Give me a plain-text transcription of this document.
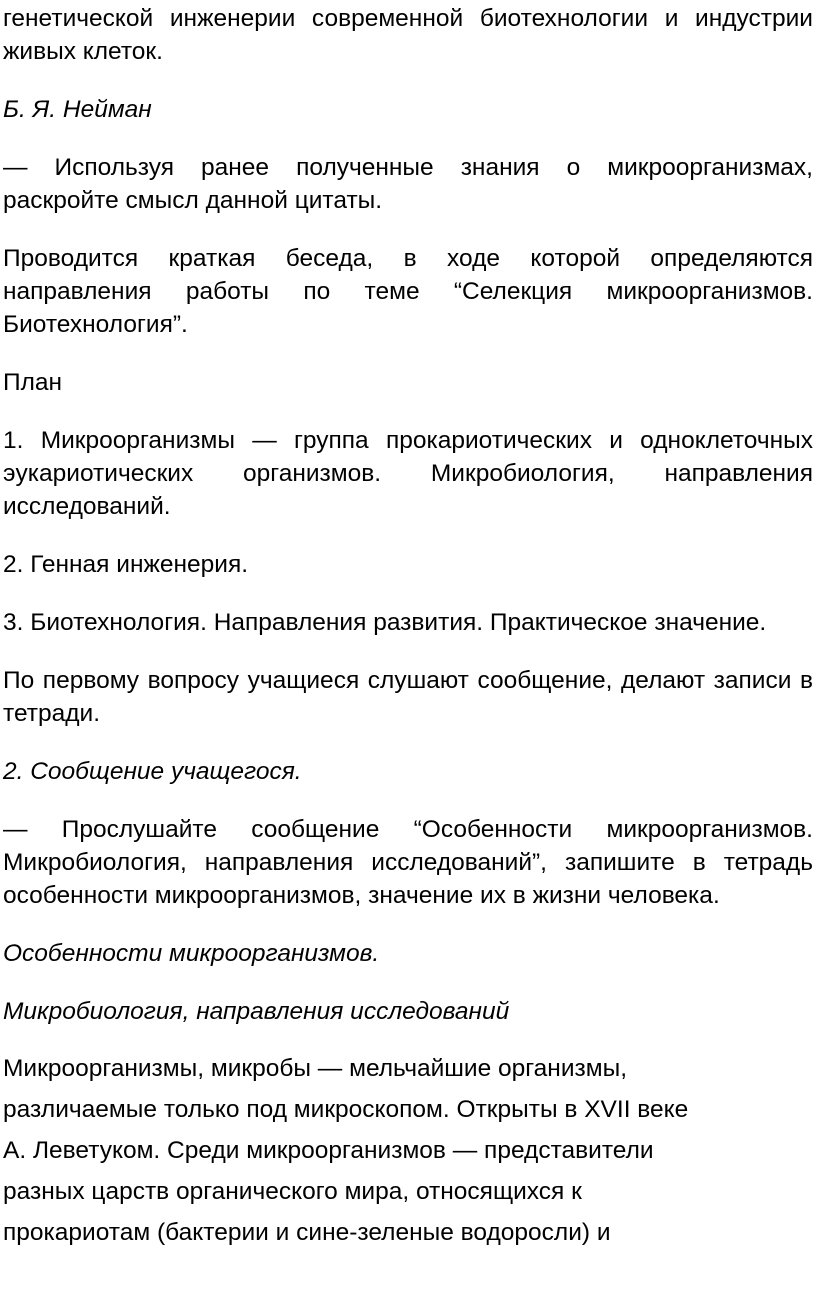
генетической инженерии современной биотехнологии и индустрии живых клеток.

Б. Я. Нейман

— Используя ранее полученные знания о микроорганизмах, раскройте смысл данной цитаты.

Проводится краткая беседа, в ходе которой определяются направления работы по теме “Селекция микроорганизмов. Биотехнология”.

План

1. Микроорганизмы — группа прокариотических и одноклеточных эукариотических организмов. Микробиология, направления исследований.

2. Генная инженерия.

3. Биотехнология. Направления развития. Практическое значение.

По первому вопросу учащиеся слушают сообщение, делают записи в тетради.

2. Сообщение учащегося.

— Прослушайте сообщение “Особенности микроорганизмов. Микробиология, направления исследований”, запишите в тетрадь особенности микроорганизмов, значение их в жизни человека.

Особенности микроорганизмов.

Микробиология, направления исследований

Микроорганизмы, микробы — мельчайшие организмы,

различаемые только под микроскопом. Открыты в XVII веке

А. Леветуком. Среди микроорганизмов — представители

разных царств органического мира, относящихся к

прокариотам (бактерии и сине-зеленые водоросли) и
